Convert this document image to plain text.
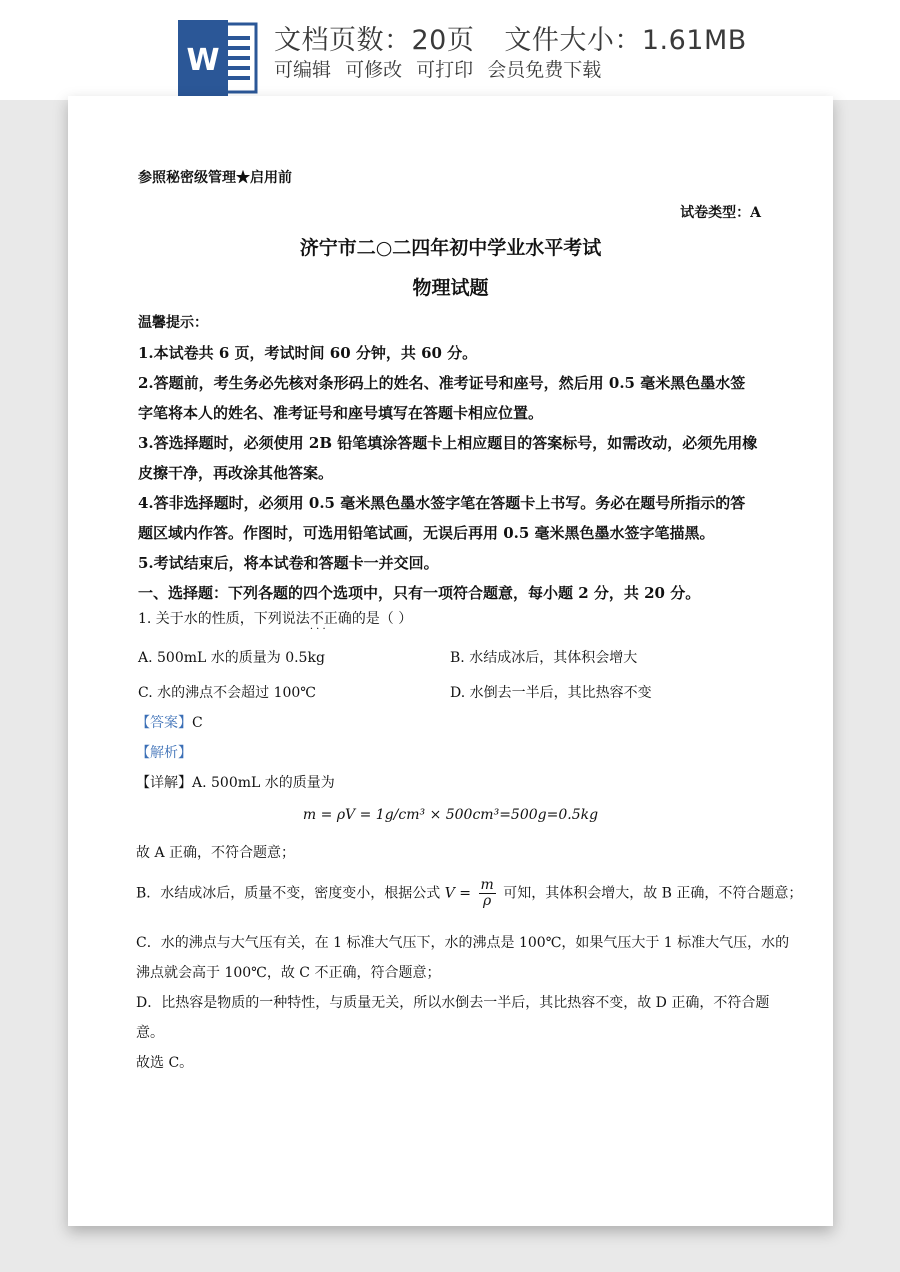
W
文档页数：20页 文件大小：1.61MB
可编辑 可修改 可打印 会员免费下载
参照秘密级管理★启用前
试卷类型：A
济宁市二○二四年初中学业水平考试
物理试题
温馨提示：
1.本试卷共 6 页，考试时间 60 分钟，共 60 分。
2.答题前，考生务必先核对条形码上的姓名、准考证号和座号，然后用 0.5 毫米黑色墨水签
字笔将本人的姓名、准考证号和座号填写在答题卡相应位置。
3.答选择题时，必须使用 2B 铅笔填涂答题卡上相应题目的答案标号，如需改动，必须先用橡
皮擦干净，再改涂其他答案。
4.答非选择题时，必须用 0.5 毫米黑色墨水签字笔在答题卡上书写。务必在题号所指示的答
题区域内作答。作图时，可选用铅笔试画，无误后再用 0.5 毫米黑色墨水签字笔描黑。
5.考试结束后，将本试卷和答题卡一并交回。
一、选择题：下列各题的四个选项中，只有一项符合题意，每小题 2 分，共 20 分。
1. 关于水的性质，下列说法不正确 · · ·的是（ ）
A. 500mL 水的质量为 0.5kg	B. 水结成冰后，其体积会增大
C. 水的沸点不会超过 100℃	D. 水倒去一半后，其比热容不变
【答案】C
【解析】
【详解】A. 500mL 水的质量为
m = ρV = 1g/cm³ × 500cm³=500g=0.5kg
故 A 正确，不符合题意；
B．水结成冰后，质量不变，密度变小，根据公式 $V = \frac{m}{\rho}$ 可知，其体积会增大，故 B 正确，不符合题意；
C．水的沸点与大气压有关，在 1 标准大气压下，水的沸点是 100℃，如果气压大于 1 标准大气压，水的
沸点就会高于 100℃，故 C 不正确，符合题意；
D．比热容是物质的一种特性，与质量无关，所以水倒去一半后，其比热容不变，故 D 正确，不符合题
意。
故选 C。
